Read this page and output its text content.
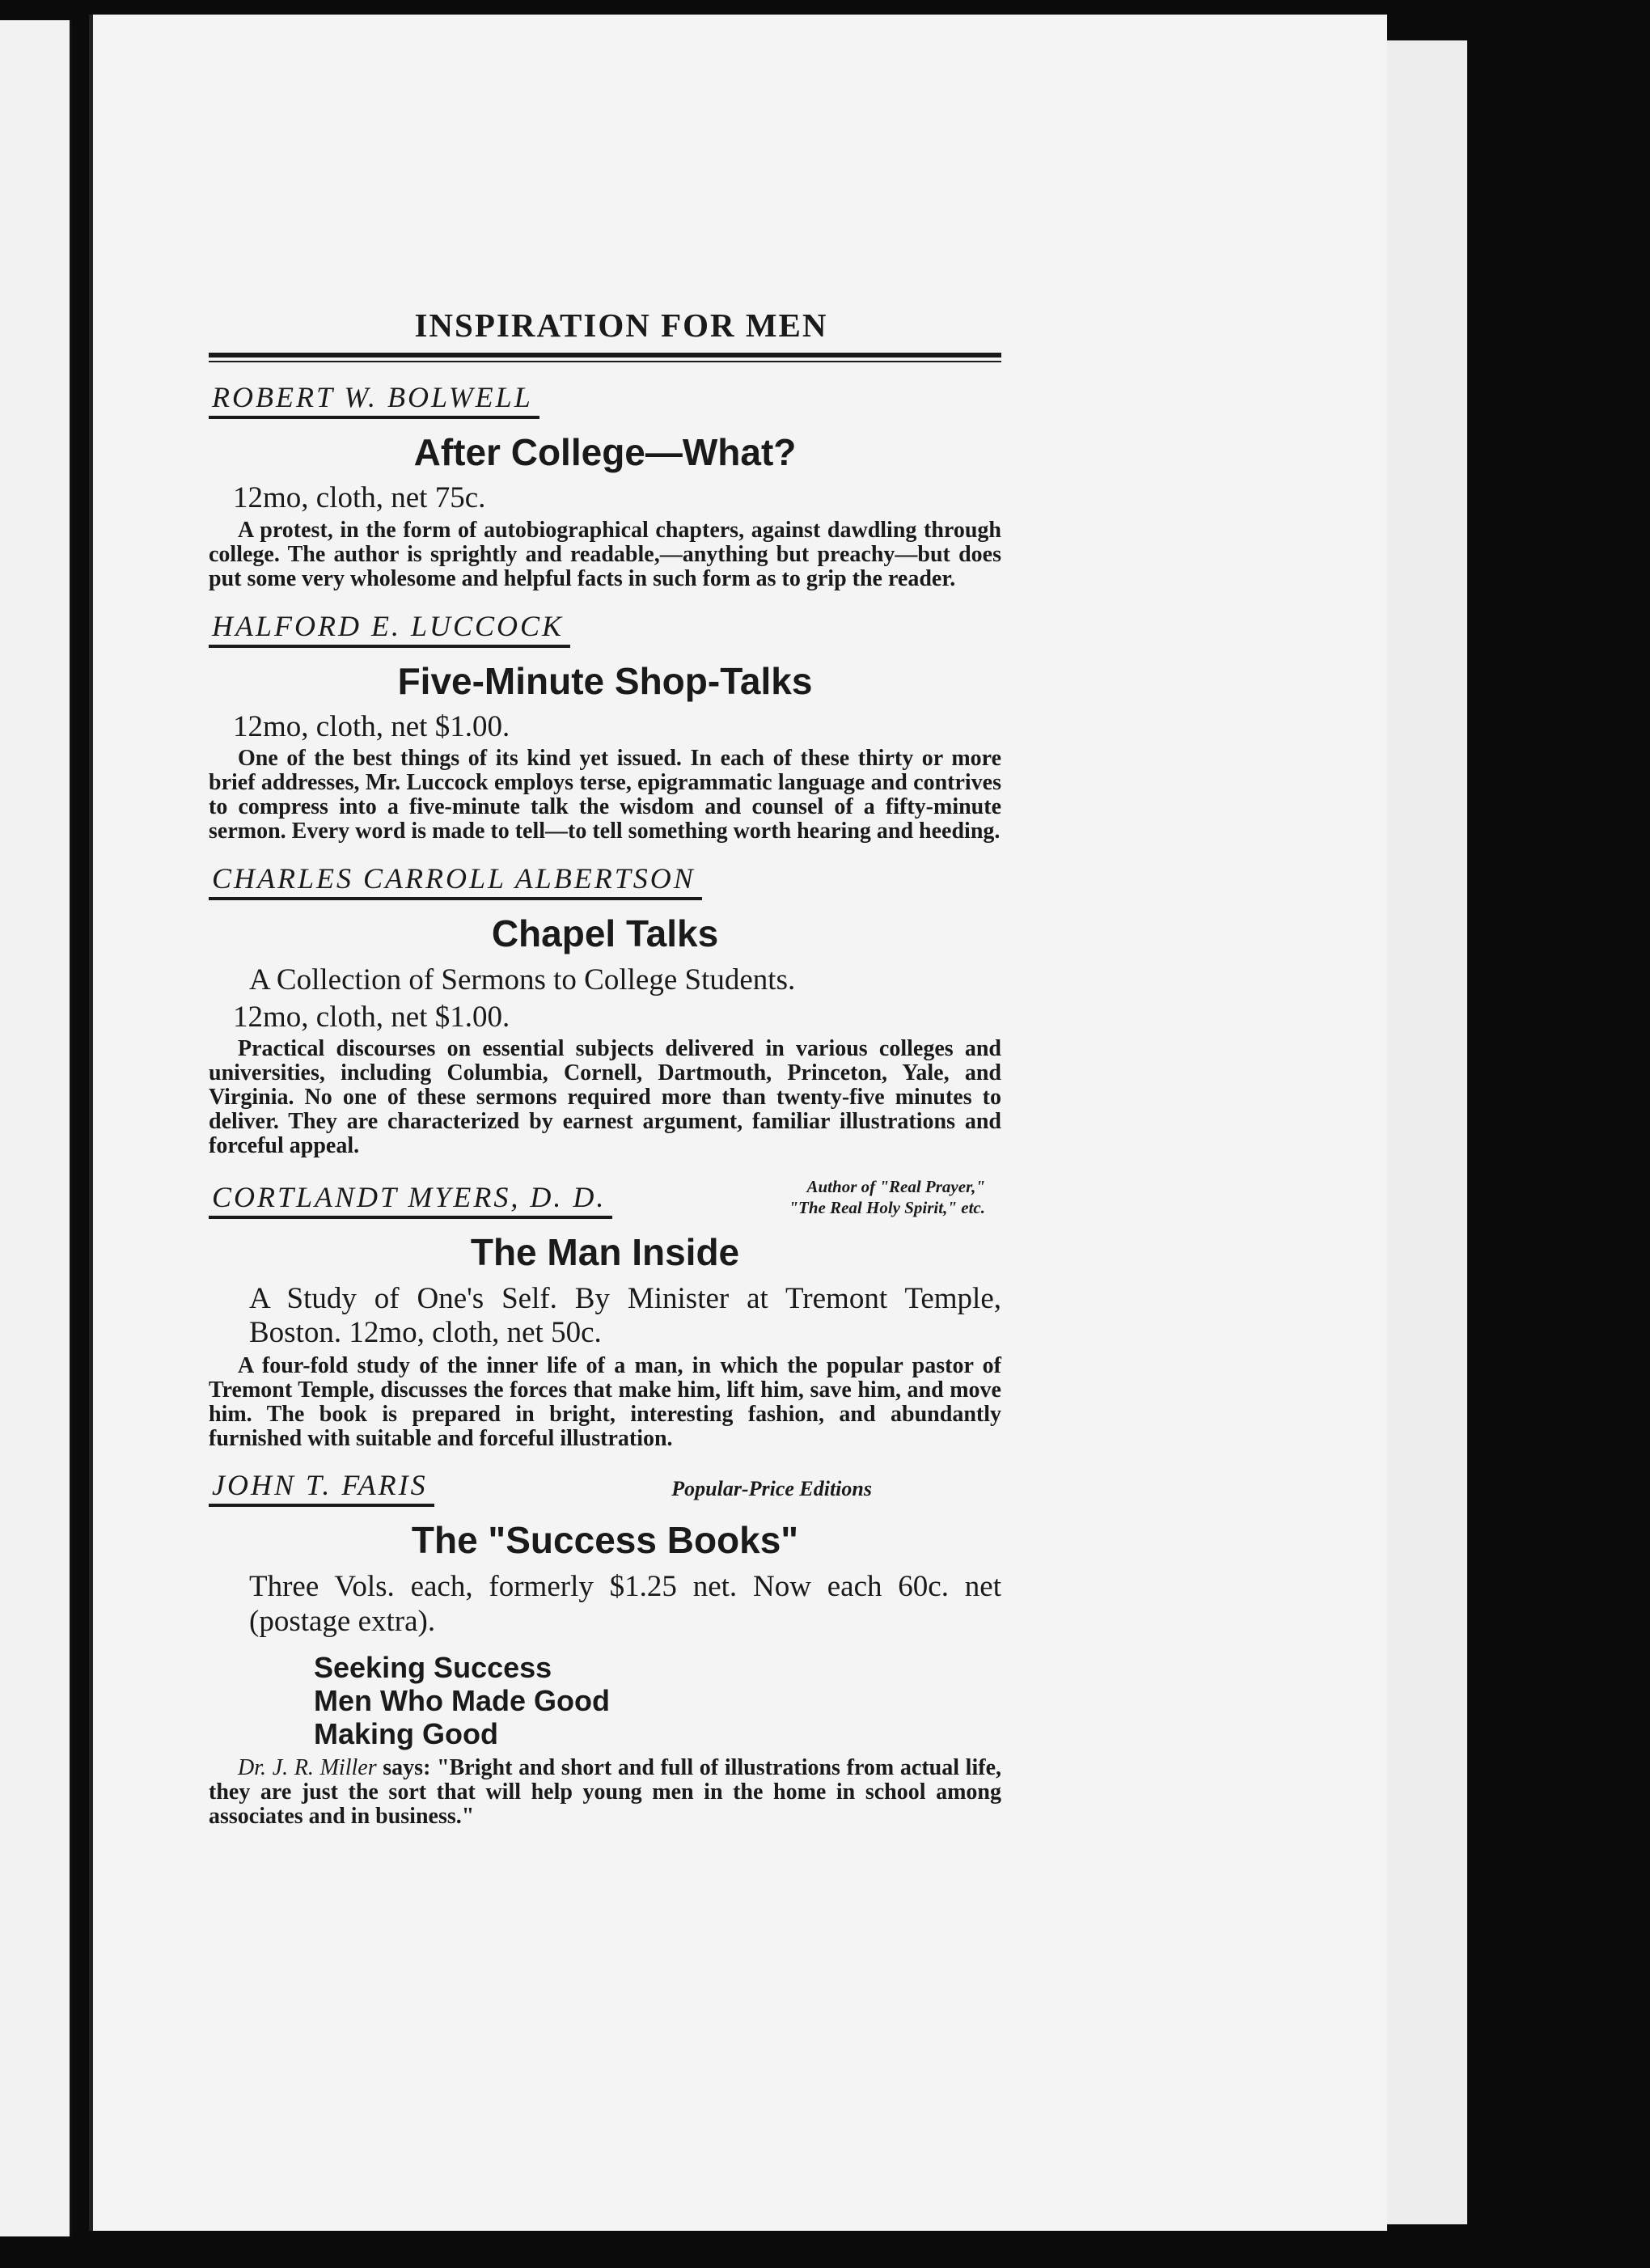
INSPIRATION FOR MEN
ROBERT W. BOLWELL
After College—What?
12mo, cloth, net 75c.
A protest, in the form of autobiographical chapters, against dawdling through college. The author is sprightly and readable,—anything but preachy—but does put some very wholesome and helpful facts in such form as to grip the reader.
HALFORD E. LUCCOCK
Five-Minute Shop-Talks
12mo, cloth, net $1.00.
One of the best things of its kind yet issued. In each of these thirty or more brief addresses, Mr. Luccock employs terse, epigrammatic language and contrives to compress into a five-minute talk the wisdom and counsel of a fifty-minute sermon. Every word is made to tell—to tell something worth hearing and heeding.
CHARLES CARROLL ALBERTSON
Chapel Talks
A Collection of Sermons to College Students.
12mo, cloth, net $1.00.
Practical discourses on essential subjects delivered in various colleges and universities, including Columbia, Cornell, Dartmouth, Princeton, Yale, and Virginia. No one of these sermons required more than twenty-five minutes to deliver. They are characterized by earnest argument, familiar illustrations and forceful appeal.
CORTLANDT MYERS, D. D.	Author of "Real Prayer,"
"The Real Holy Spirit," etc.
The Man Inside
A Study of One's Self. By Minister at Tremont Temple, Boston. 12mo, cloth, net 50c.
A four-fold study of the inner life of a man, in which the popular pastor of Tremont Temple, discusses the forces that make him, lift him, save him, and move him. The book is prepared in bright, interesting fashion, and abundantly furnished with suitable and forceful illustration.
JOHN T. FARIS	Popular-Price Editions
The "Success Books"
Three Vols. each, formerly $1.25 net. Now each 60c. net (postage extra).
Seeking Success
Men Who Made Good
Making Good
Dr. J. R. Miller says: "Bright and short and full of illustrations from actual life, they are just the sort that will help young men in the home in school among associates and in business."
